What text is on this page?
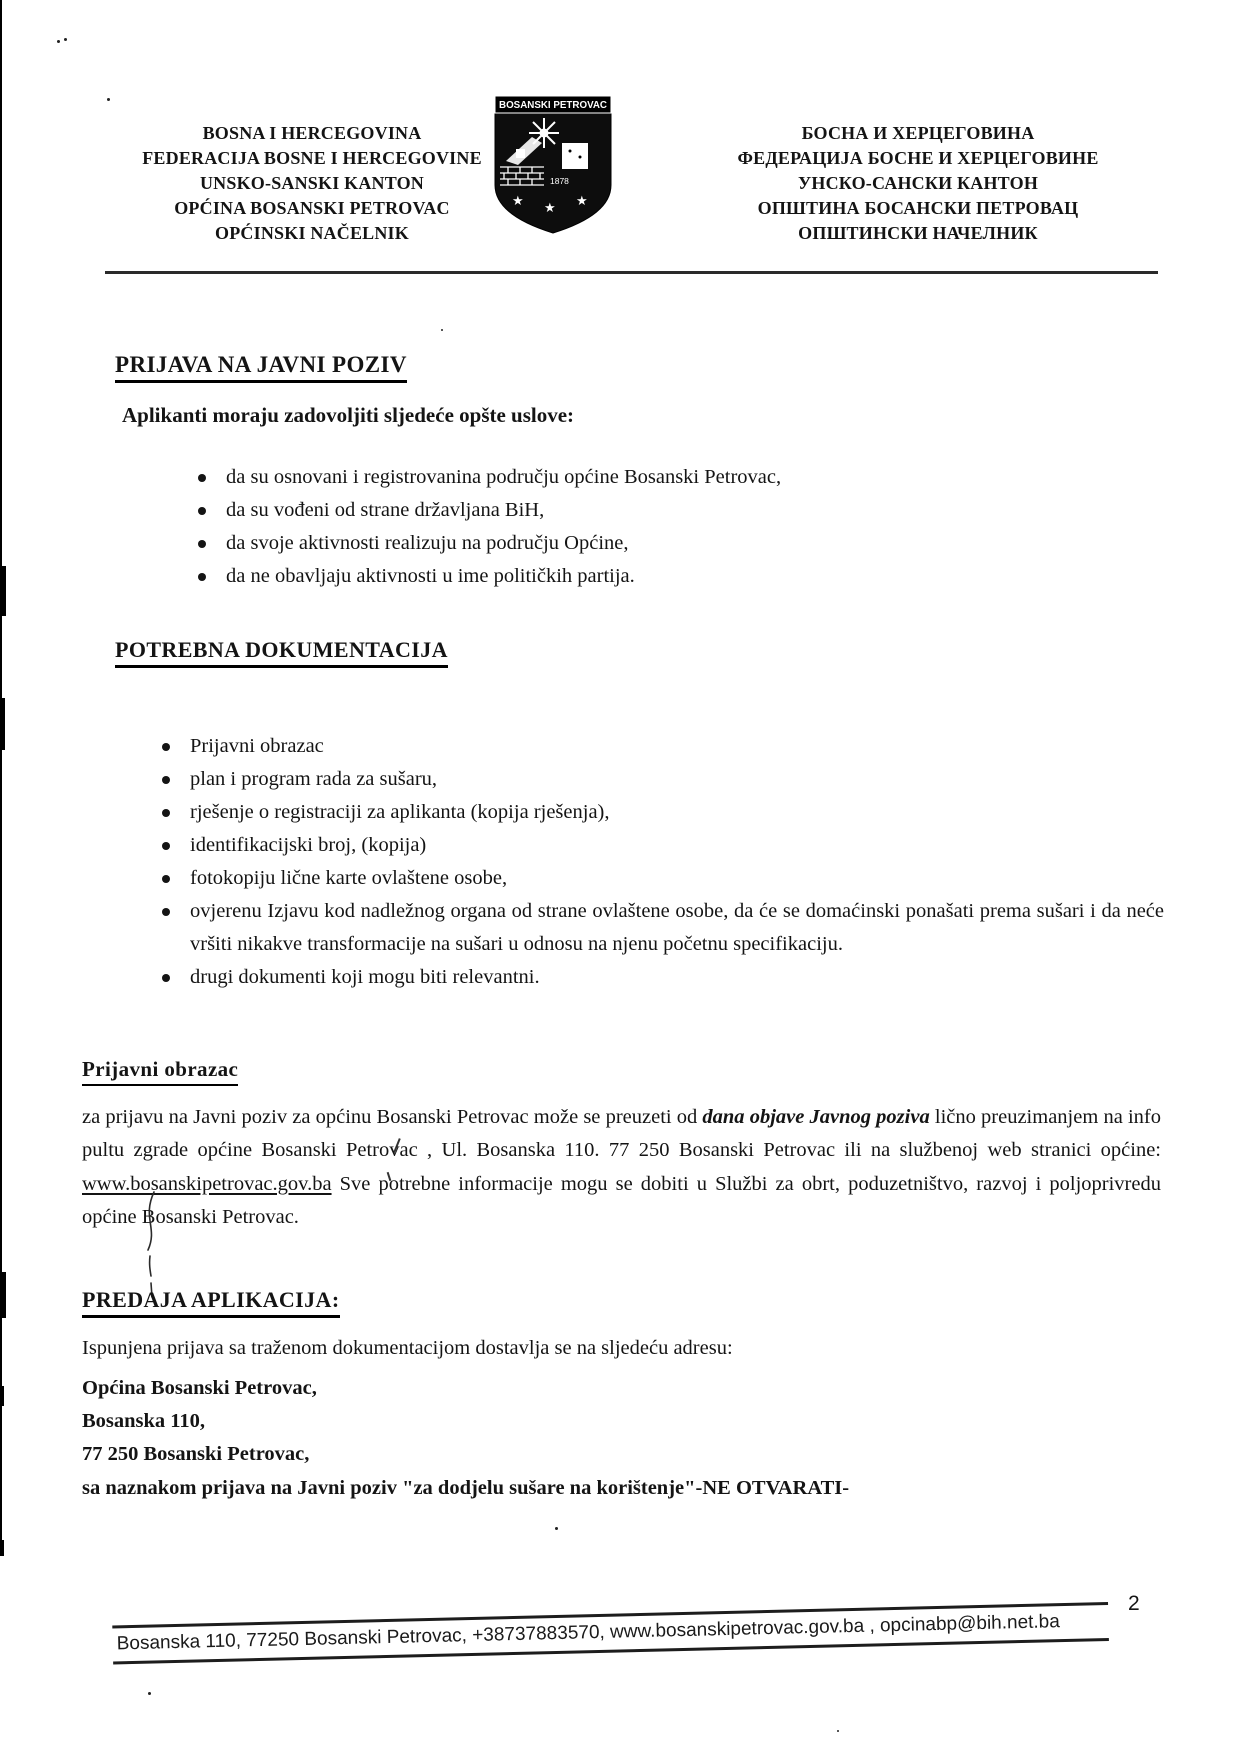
BOSNA I HERCEGOVINA
FEDERACIJA BOSNE I HERCEGOVINE
UNSKO-SANSKI KANTON
OPĆINA BOSANSKI PETROVAC
OPĆINSKI NAČELNIK
BOSANSKI PETROVAC
1878
★ ★ ★
БОСНА И ХЕРЦЕГОВИНА
ФЕДЕРАЦИЈА БОСНЕ И ХЕРЦЕГОВИНЕ
УНСКО-САНСКИ КАНТОН
ОПШТИНА БОСАНСКИ ПЕТРОВАЦ
ОПШТИНСКИ НАЧЕЛНИК
PRIJAVA NA JAVNI POZIV
Aplikanti moraju zadovoljiti sljedeće opšte uslove:
da su osnovani i registrovanina području općine Bosanski Petrovac,
da su vođeni od strane državljana BiH,
da svoje aktivnosti realizuju na području Općine,
da ne obavljaju aktivnosti u ime političkih partija.
POTREBNA DOKUMENTACIJA
Prijavni obrazac
plan i program rada za sušaru,
rješenje o registraciji za aplikanta (kopija rješenja),
identifikacijski broj, (kopija)
fotokopiju lične karte ovlaštene osobe,
ovjerenu Izjavu kod nadležnog organa od strane ovlaštene osobe, da će se domaćinski ponašati prema sušari i da neće vršiti nikakve transformacije na sušari u odnosu na njenu početnu specifikaciju.
drugi dokumenti koji mogu biti relevantni.
Prijavni obrazac
za prijavu na Javni poziv za općinu Bosanski Petrovac može se preuzeti od dana objave Javnog poziva lično preuzimanjem na info pultu zgrade općine Bosanski Petrovac , Ul. Bosanska 110. 77 250 Bosanski Petrovac ili na službenoj web stranici općine: www.bosanskipetrovac.gov.ba Sve potrebne informacije mogu se dobiti u Službi za obrt, poduzetništvo, razvoj i poljoprivredu općine Bosanski Petrovac.
PREDAJA APLIKACIJA:
Ispunjena prijava sa traženom dokumentacijom dostavlja se na sljedeću adresu:
Općina Bosanski Petrovac,
Bosanska 110,
77 250 Bosanski Petrovac,
sa naznakom prijava na Javni poziv "za dodjelu sušare na korištenje"-NE OTVARATI-
Bosanska 110, 77250 Bosanski Petrovac, +38737883570, www.bosanskipetrovac.gov.ba , opcinabp@bih.net.ba
2
